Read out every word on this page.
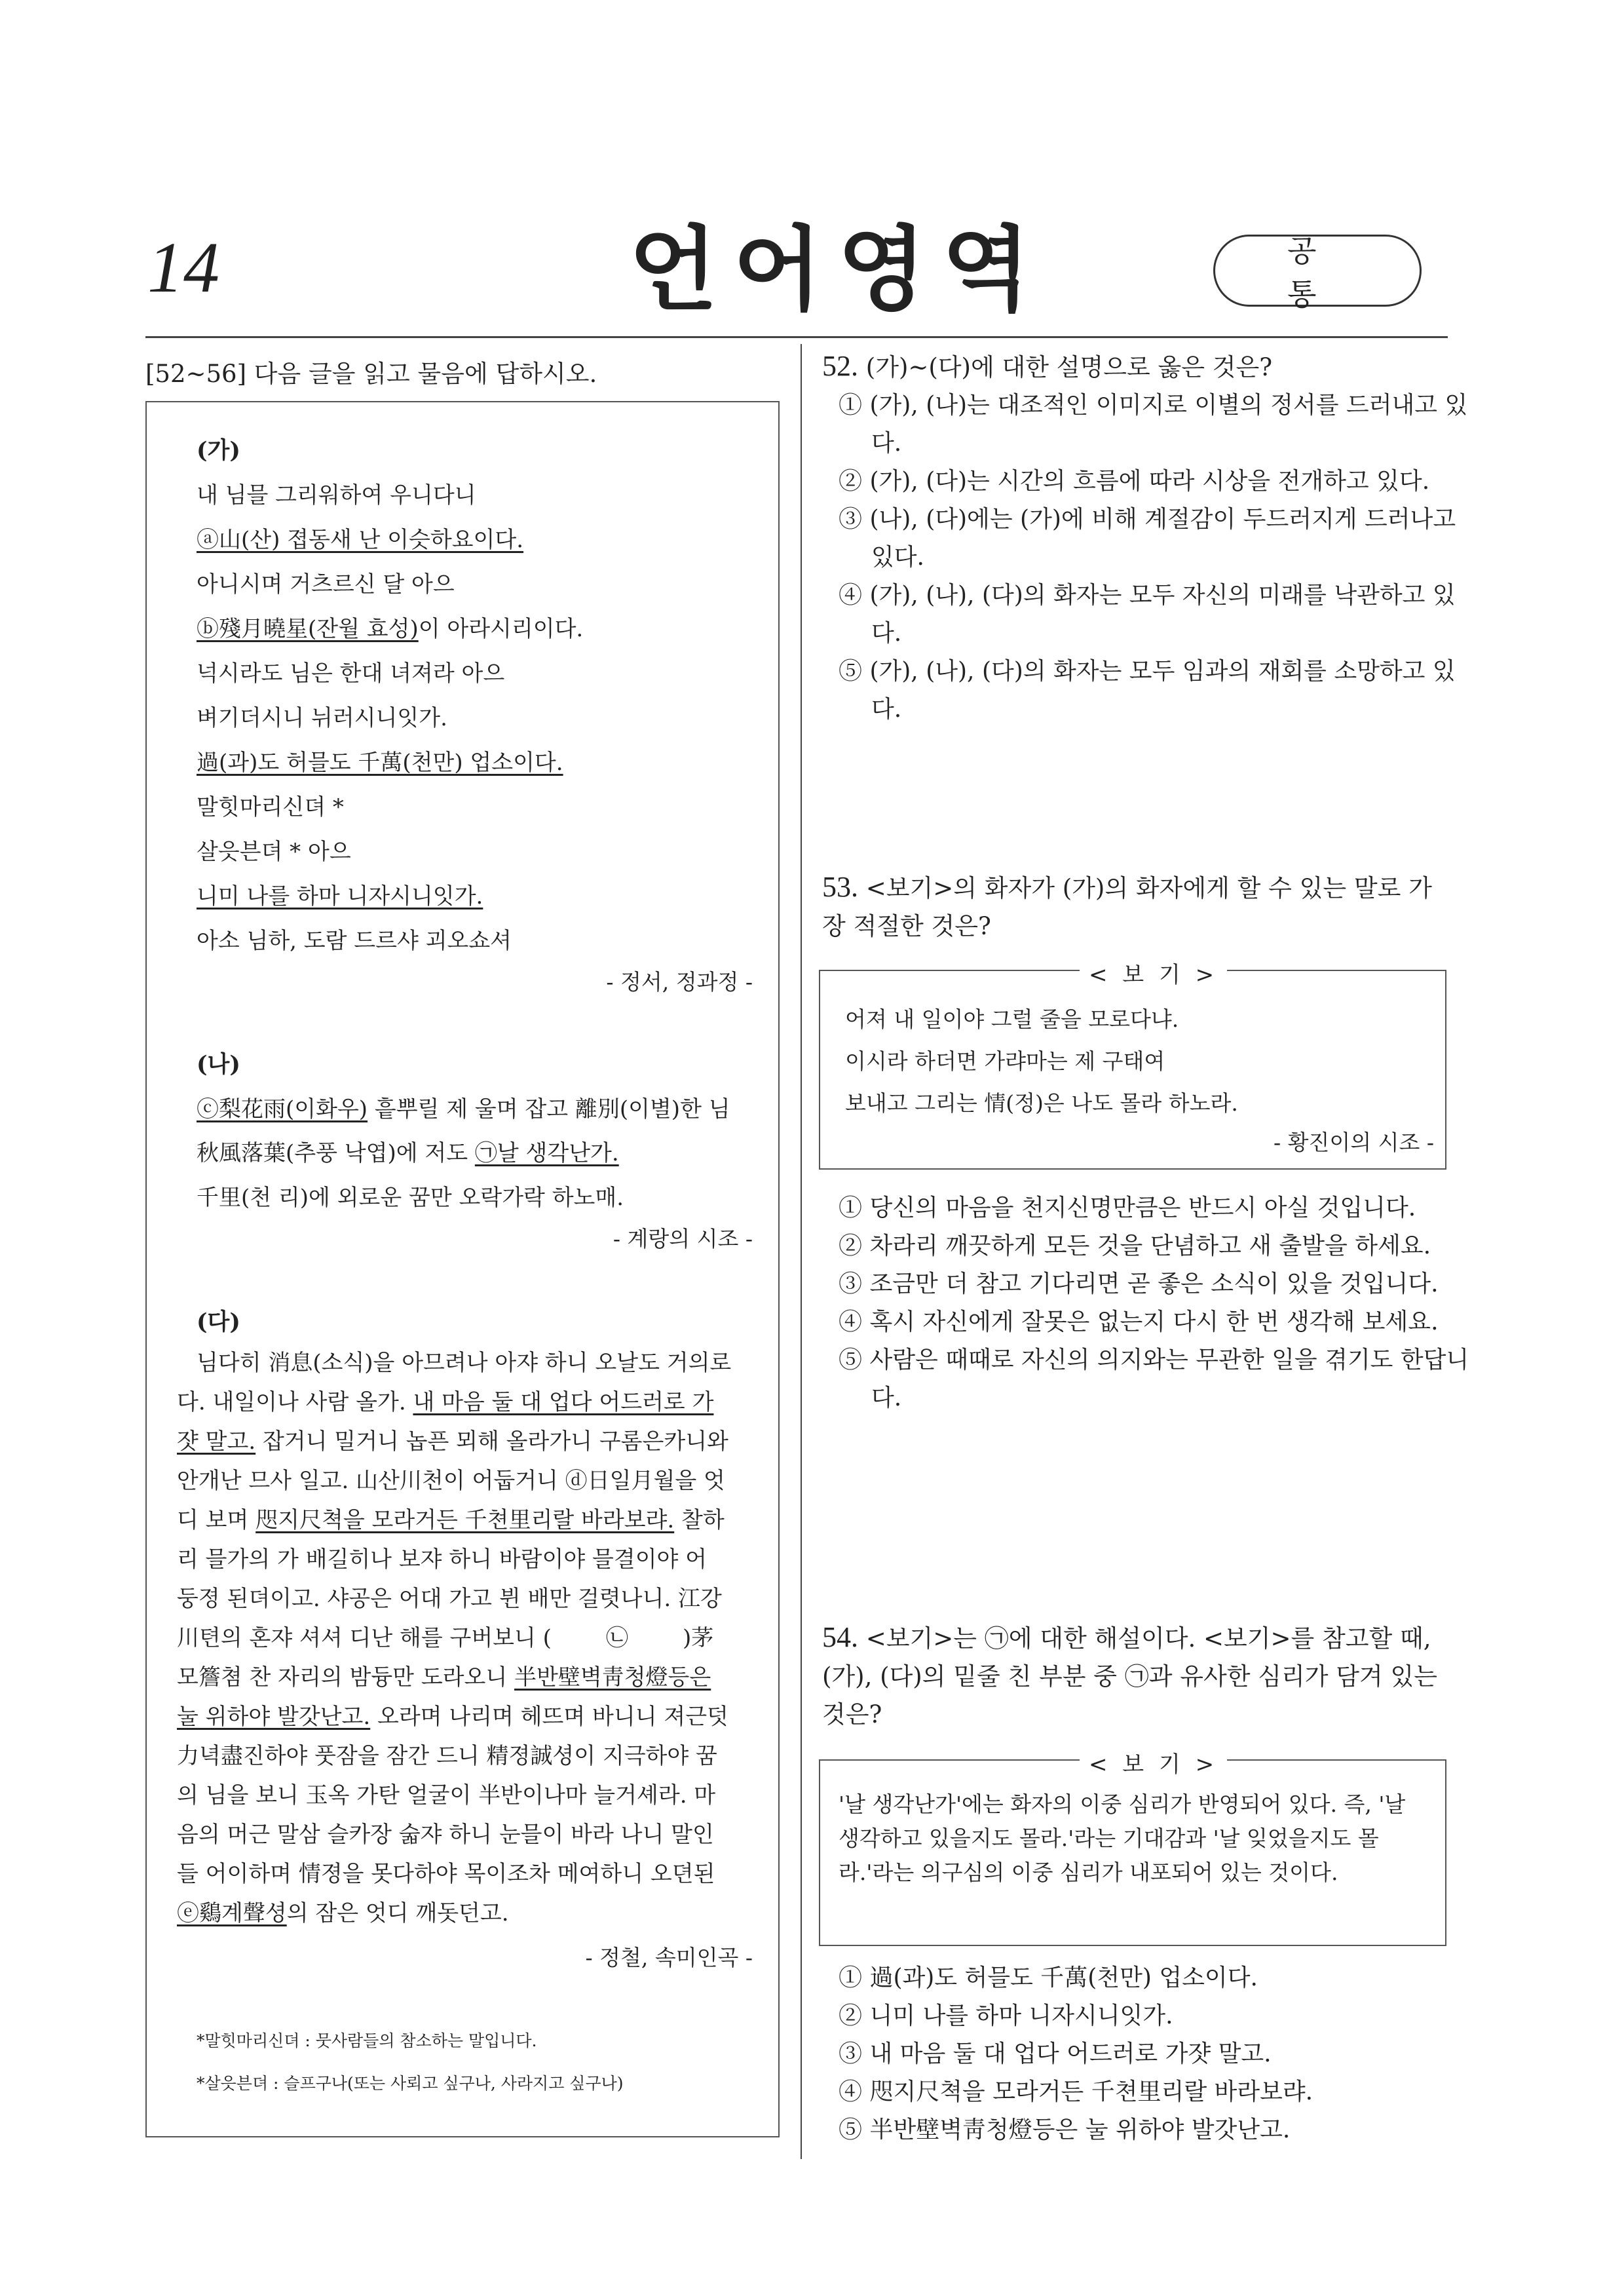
14	언어영역	공 통
[52~56] 다음 글을 읽고 물음에 답하시오.
(가)
내 님믈 그리워하여 우니다니
ⓐ山(산) 졉동새 난 이슷하요이다.
아니시며 거츠르신 달 아으
ⓑ殘月曉星(잔월 효성)이 아라시리이다.
넉시라도 님은 한대 녀져라 아으
벼기더시니 뉘러시니잇가.
過(과)도 허믈도 千萬(천만) 업소이다.
말힛마리신뎌 *
살읏븐뎌 * 아으
니미 나를 하마 니자시니잇가.
아소 님하, 도람 드르샤 괴오쇼셔
- 정서, 정과정 -
(나)
ⓒ梨花雨(이화우) 흩뿌릴 제 울며 잡고 離別(이별)한 님
秋風落葉(추풍 낙엽)에 저도 ㉠날 생각난가.
千里(천 리)에 외로운 꿈만 오락가락 하노매.
- 계랑의 시조 -
(다)
님다히 消息(소식)을 아므려나 아쟈 하니 오날도 거의로
다. 내일이나 사람 올가. 내 마음 둘 대 업다 어드러로 가
쟛 말고. 잡거니 밀거니 놉픈 뫼해 올라가니 구롬은카니와
안개난 므사 일고. 山산川천이 어둡거니 ⓓ日일月월을 엇
디 보며 咫지尺쳑을 모라거든 千쳔里리랄 바라보랴. 찰하
리 믈가의 가 배길히나 보쟈 하니 바람이야 믈결이야 어
둥졍 된뎌이고. 샤공은 어대 가고 뷘 배만 걸렷나니. 江강
川텬의 혼쟈 셔셔 디난 해를 구버보니 ( ㉡ )茅
모簷쳠 찬 자리의 밤듕만 도라오니 半반壁벽靑청燈등은
눌 위하야 발갓난고. 오라며 나리며 헤뜨며 바니니 져근덧
力녁盡진하야 풋잠을 잠간 드니 精졍誠셩이 지극하야 꿈
의 님을 보니 玉옥 가탄 얼굴이 半반이나마 늘거셰라. 마
음의 머근 말삼 슬카장 숣쟈 하니 눈믈이 바라 나니 말인
들 어이하며 情졍을 못다하야 목이조차 메여하니 오뎐된
ⓔ鷄계聲셩의 잠은 엇디 깨돗던고.
- 정철, 속미인곡 -
*말힛마리신뎌 : 뭇사람들의 참소하는 말입니다.
*살읏븐뎌 : 슬프구나(또는 사뢰고 싶구나, 사라지고 싶구나)
52. (가)~(다)에 대한 설명으로 옳은 것은?
① (가), (나)는 대조적인 이미지로 이별의 정서를 드러내고 있다.
② (가), (다)는 시간의 흐름에 따라 시상을 전개하고 있다.
③ (나), (다)에는 (가)에 비해 계절감이 두드러지게 드러나고 있다.
④ (가), (나), (다)의 화자는 모두 자신의 미래를 낙관하고 있다.
⑤ (가), (나), (다)의 화자는 모두 임과의 재회를 소망하고 있다.
53. <보기>의 화자가 (가)의 화자에게 할 수 있는 말로 가장 적절한 것은?
< 보 기 >
어져 내 일이야 그럴 줄을 모로다냐.
이시라 하더면 가랴마는 제 구태여
보내고 그리는 情(정)은 나도 몰라 하노라.
- 황진이의 시조 -
① 당신의 마음을 천지신명만큼은 반드시 아실 것입니다.
② 차라리 깨끗하게 모든 것을 단념하고 새 출발을 하세요.
③ 조금만 더 참고 기다리면 곧 좋은 소식이 있을 것입니다.
④ 혹시 자신에게 잘못은 없는지 다시 한 번 생각해 보세요.
⑤ 사람은 때때로 자신의 의지와는 무관한 일을 겪기도 한답니다.
54. <보기>는 ㉠에 대한 해설이다. <보기>를 참고할 때, (가), (다)의 밑줄 친 부분 중 ㉠과 유사한 심리가 담겨 있는 것은?
< 보 기 >
'날 생각난가'에는 화자의 이중 심리가 반영되어 있다. 즉, '날 생각하고 있을지도 몰라.'라는 기대감과 '날 잊었을지도 몰라.'라는 의구심의 이중 심리가 내포되어 있는 것이다.
① 過(과)도 허믈도 千萬(천만) 업소이다.
② 니미 나를 하마 니자시니잇가.
③ 내 마음 둘 대 업다 어드러로 가쟛 말고.
④ 咫지尺쳑을 모라거든 千쳔里리랄 바라보랴.
⑤ 半반壁벽靑청燈등은 눌 위하야 발갓난고.
